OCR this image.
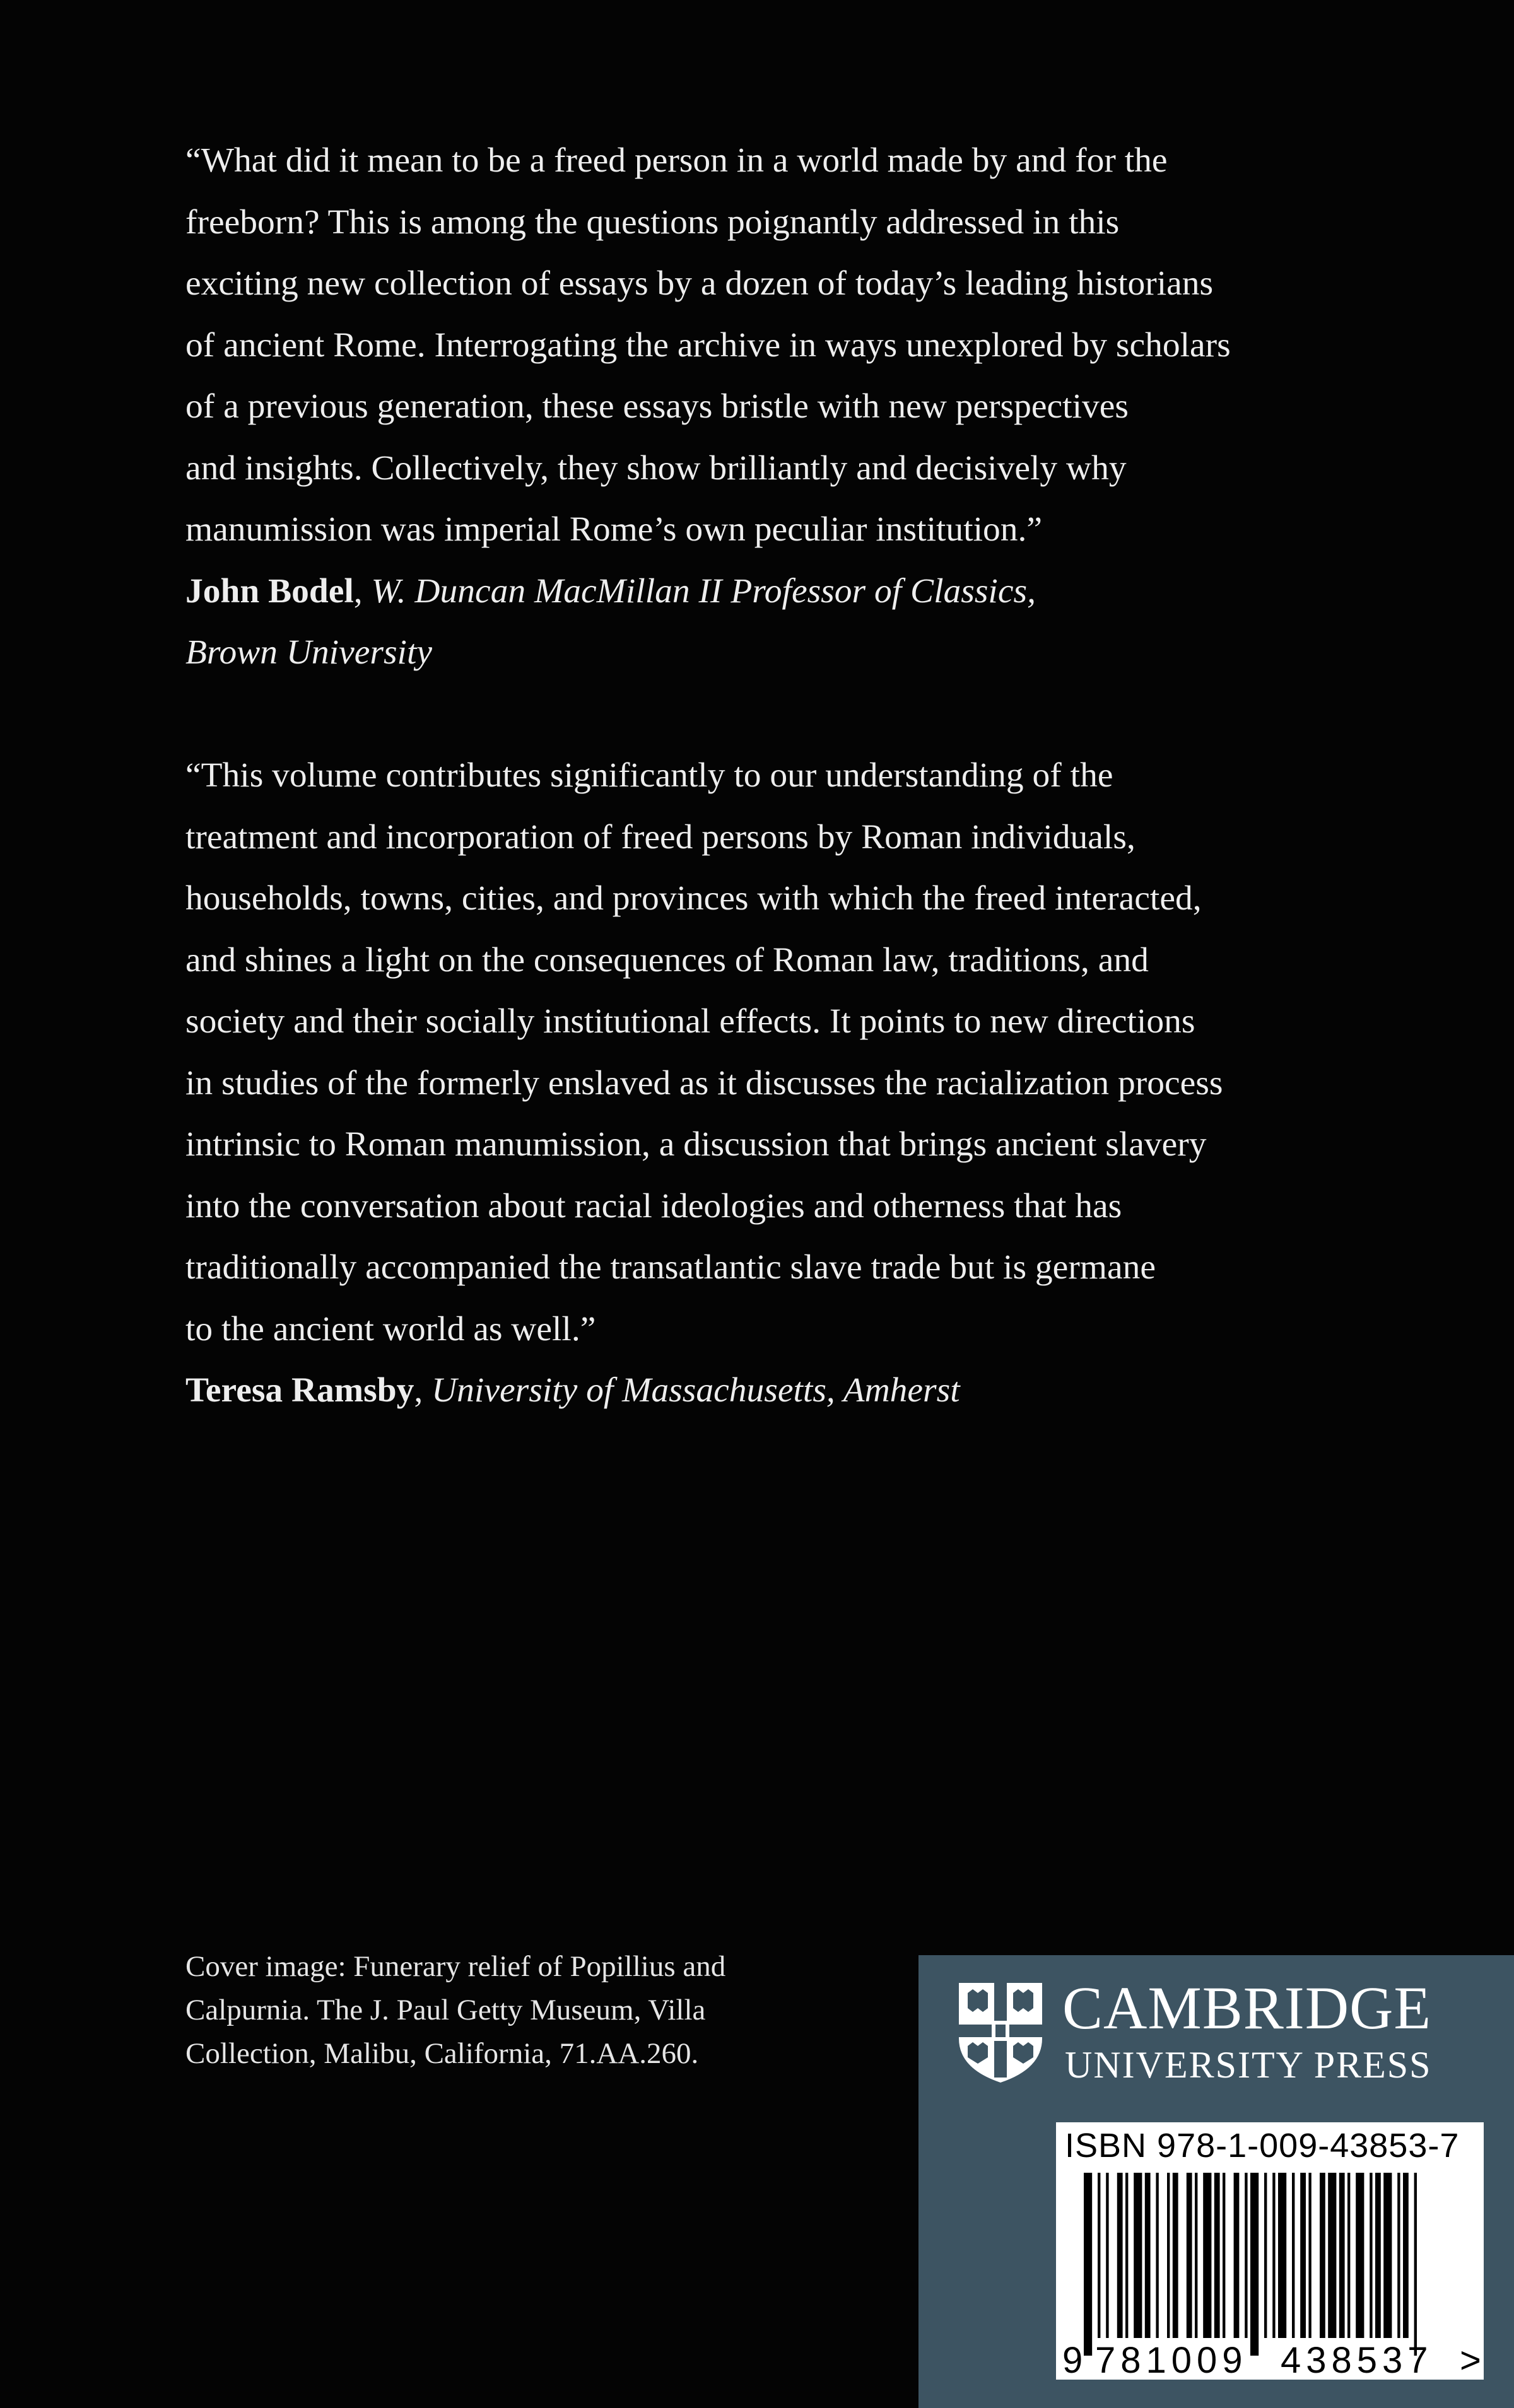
“What did it mean to be a freed person in a world made by and for the
freeborn? This is among the questions poignantly addressed in this
exciting new collection of essays by a dozen of today’s leading historians
of ancient Rome. Interrogating the archive in ways unexplored by scholars
of a previous generation, these essays bristle with new perspectives
and insights. Collectively, they show brilliantly and decisively why
manumission was imperial Rome’s own peculiar institution.”
John Bodel, W. Duncan MacMillan II Professor of Classics,
Brown University

“This volume contributes significantly to our understanding of the
treatment and incorporation of freed persons by Roman individuals,
households, towns, cities, and provinces with which the freed interacted,
and shines a light on the consequences of Roman law, traditions, and
society and their socially institutional effects. It points to new directions
in studies of the formerly enslaved as it discusses the racialization process
intrinsic to Roman manumission, a discussion that brings ancient slavery
into the conversation about racial ideologies and otherness that has
traditionally accompanied the transatlantic slave trade but is germane
to the ancient world as well.”
Teresa Ramsby, University of Massachusetts, Amherst

Cover image: Funerary relief of Popillius and
Calpurnia. The J. Paul Getty Museum, Villa
Collection, Malibu, California, 71.AA.260.

CAMBRIDGE
UNIVERSITY PRESS
ISBN 978-1-009-43853-7
9 781009 438537 >
